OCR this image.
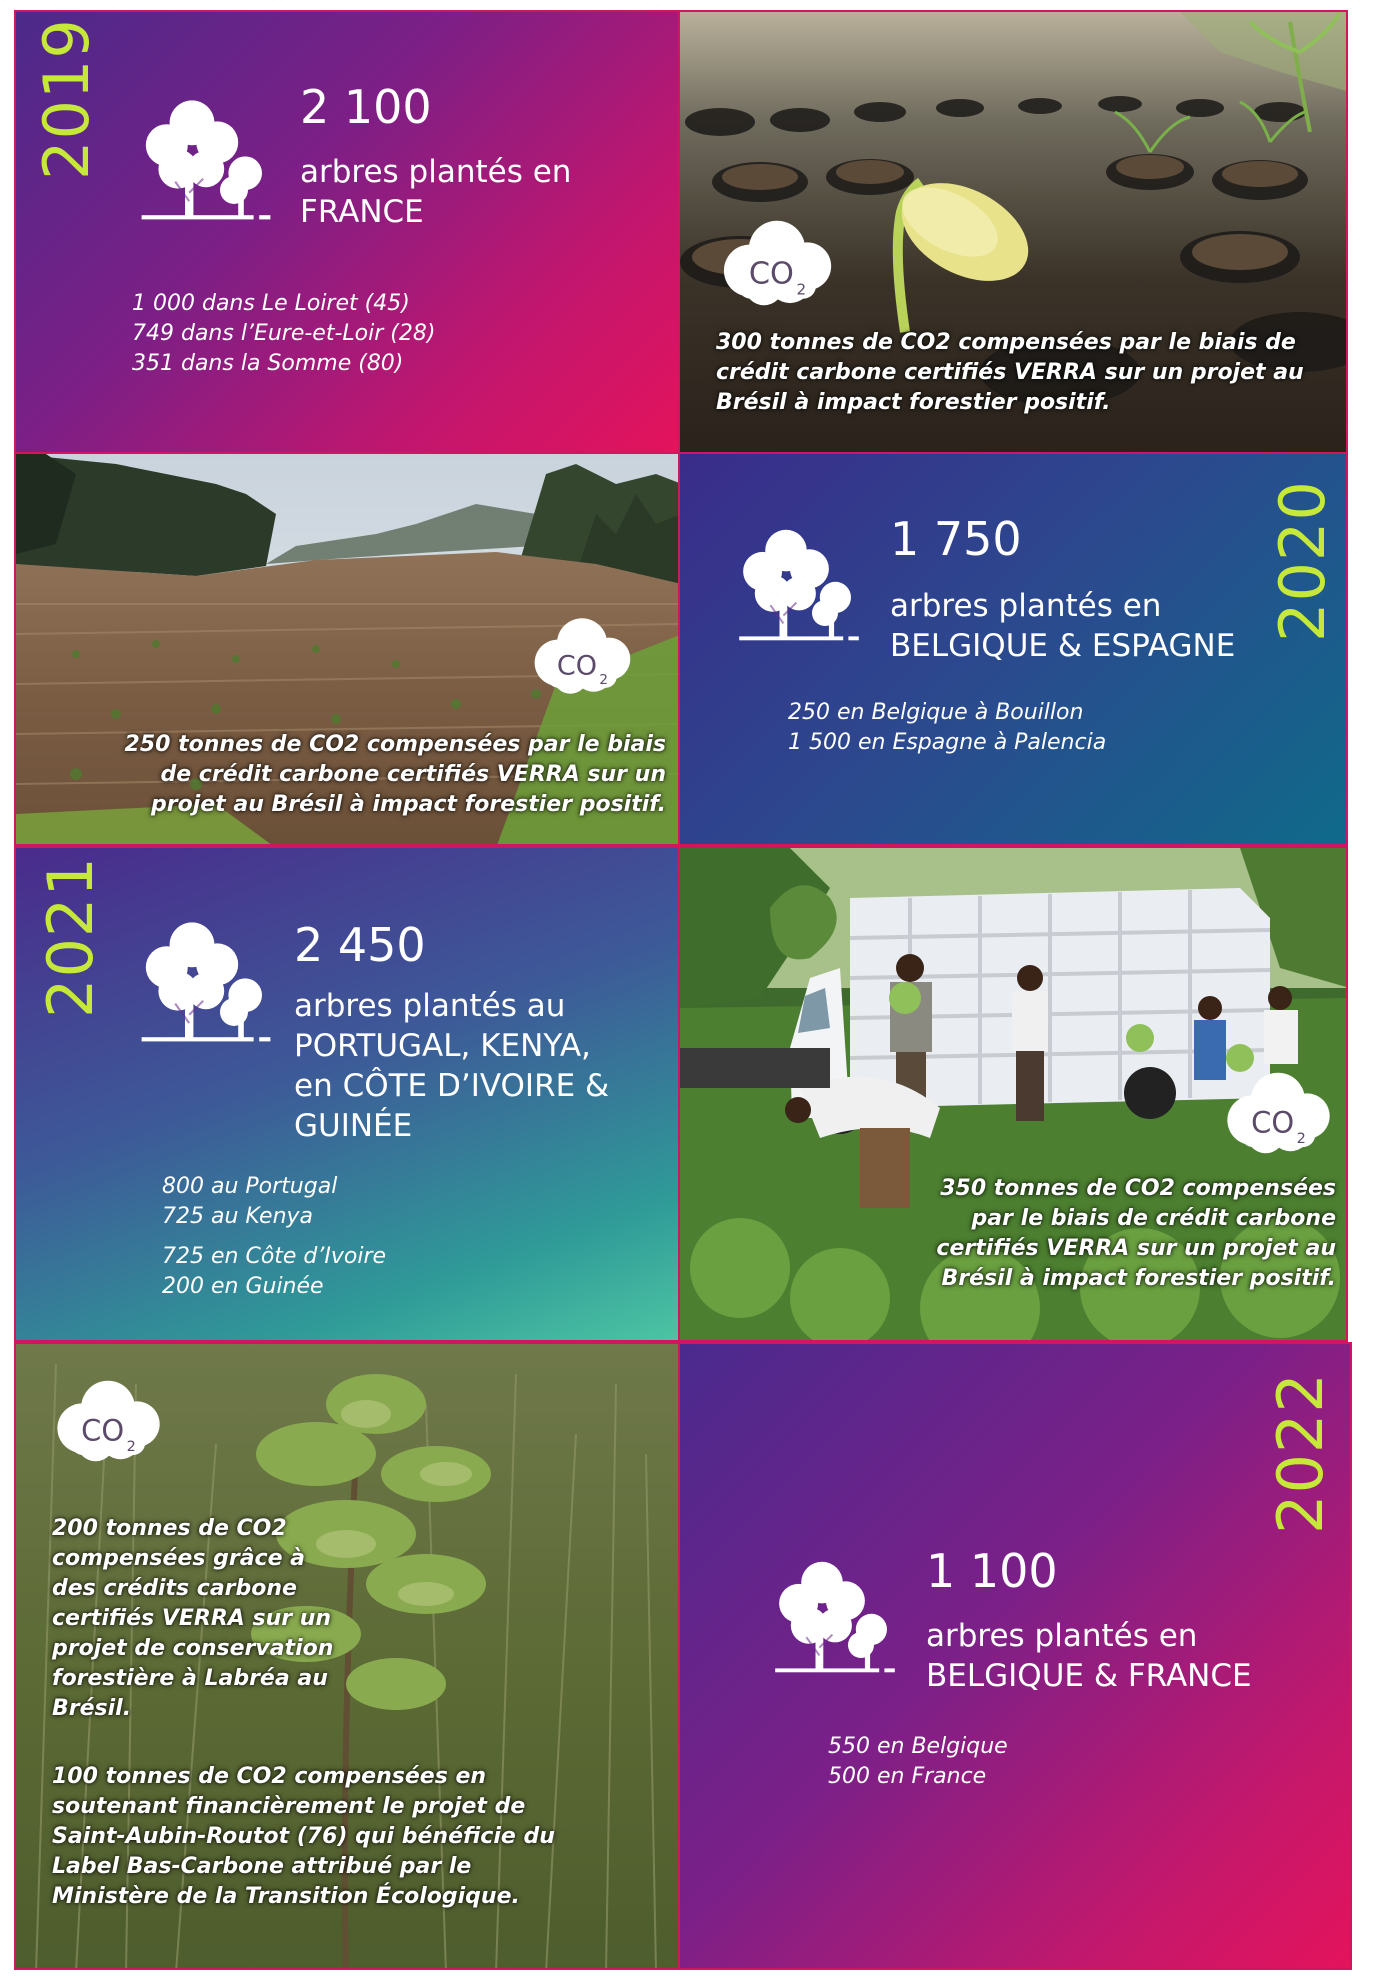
2019	2 100
arbres plantés en
FRANCE
1 000 dans Le Loiret (45)
749 dans l’Eure-et-Loir (28)
351 dans la Somme (80)
CO 2
300 tonnes de CO2 compensées par le biais de crédit carbone certifiés VERRA sur un projet au Brésil à impact forestier positif.
CO 2
250 tonnes de CO2 compensées par le biais de crédit carbone certifiés VERRA sur un projet au Brésil à impact forestier positif.
2020
1 750
arbres plantés en
BELGIQUE & ESPAGNE
250 en Belgique à Bouillon
1 500 en Espagne à Palencia
2021	2 450
arbres plantés au
PORTUGAL, KENYA,
en CÔTE D’IVOIRE &
GUINÉE
800 au Portugal
725 au Kenya
725 en Côte d’Ivoire
200 en Guinée
CO 2
350 tonnes de CO2 compensées par le biais de crédit carbone certifiés VERRA sur un projet au Brésil à impact forestier positif.
CO 2
200 tonnes de CO2 compensées grâce à des crédits carbone certifiés VERRA sur un projet de conservation forestière à Labréa au Brésil.
100 tonnes de CO2 compensées en soutenant financièrement le projet de Saint-Aubin-Routot (76) qui bénéficie du Label Bas-Carbone attribué par le Ministère de la Transition Écologique.
2022
1 100
arbres plantés en
BELGIQUE & FRANCE
550 en Belgique
500 en France
